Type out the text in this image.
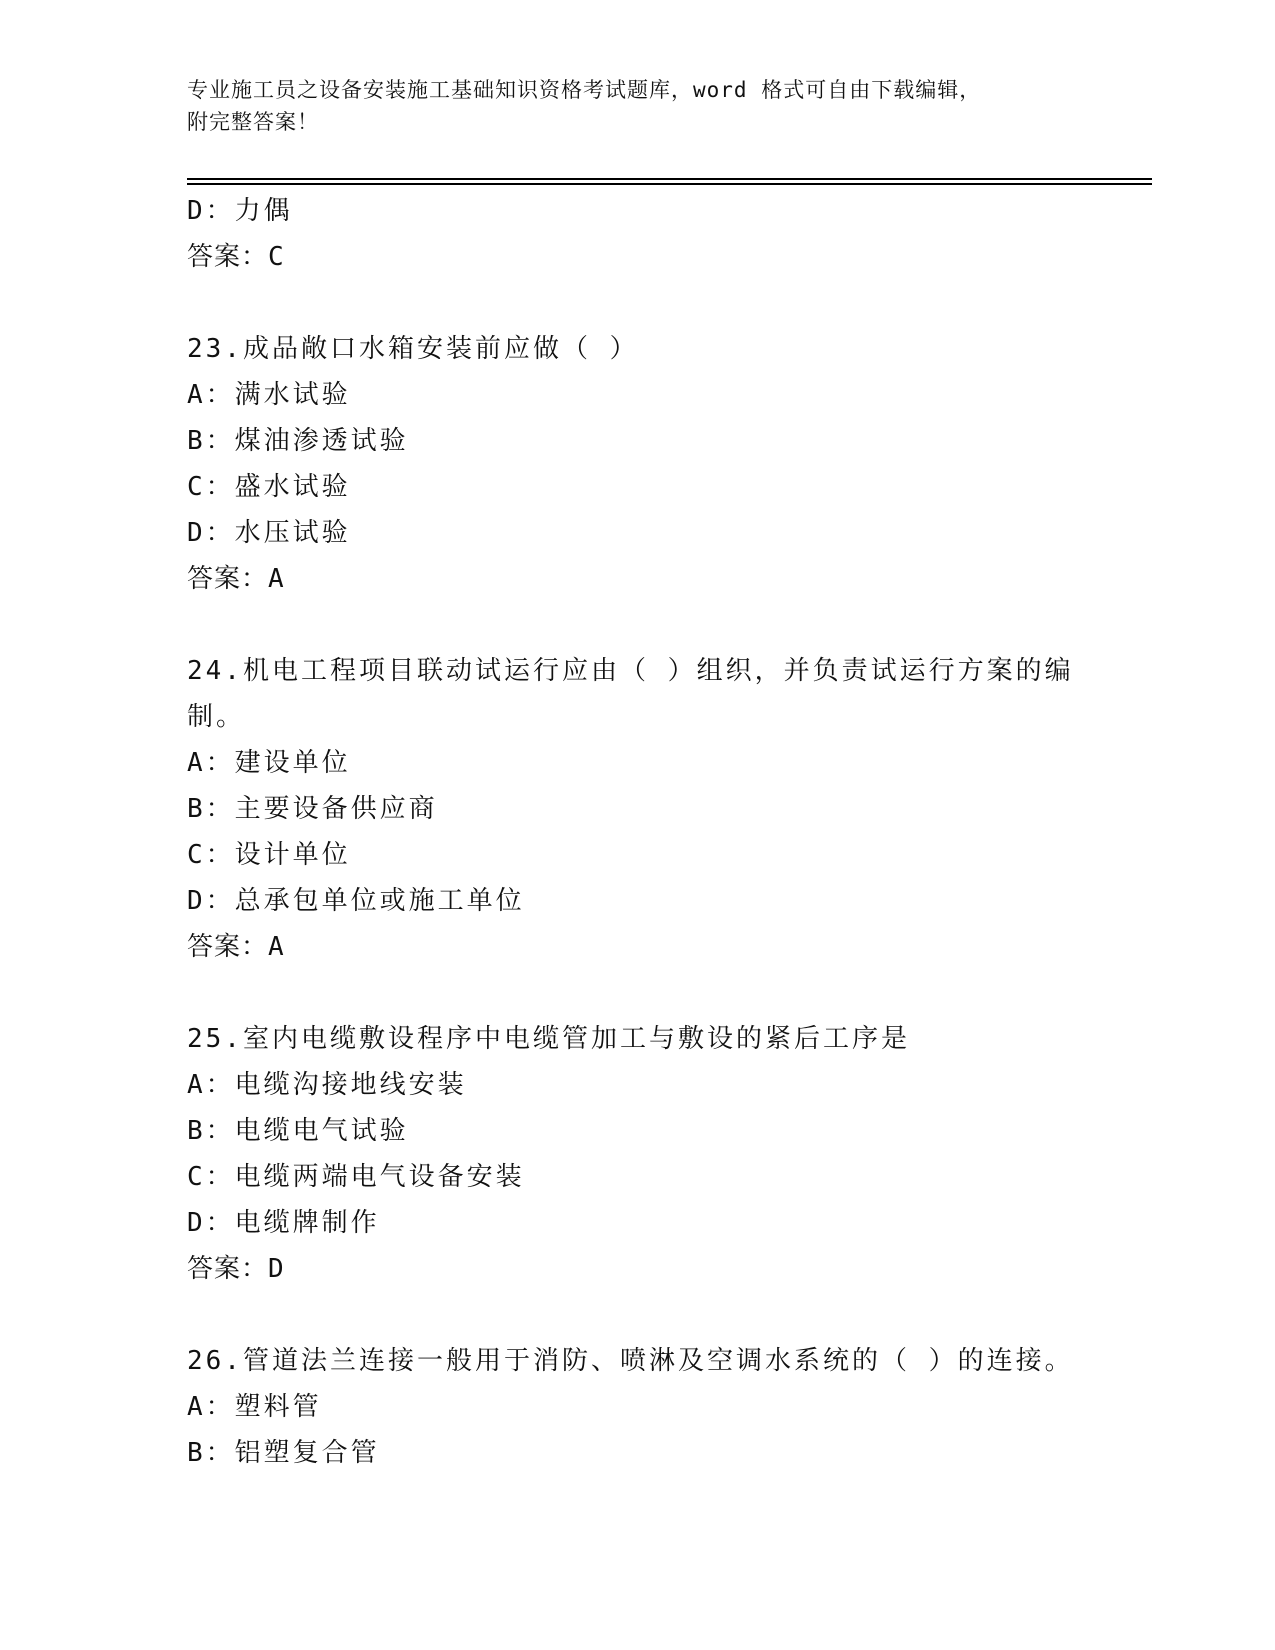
专业施工员之设备安装施工基础知识资格考试题库，word 格式可自由下载编辑，
附完整答案！
D：力偶
答案：C
23.成品敞口水箱安装前应做（ ）
A：满水试验
B：煤油渗透试验
C：盛水试验
D：水压试验
答案：A
24.机电工程项目联动试运行应由（ ）组织，并负责试运行方案的编
制。
A：建设单位
B：主要设备供应商
C：设计单位
D：总承包单位或施工单位
答案：A
25.室内电缆敷设程序中电缆管加工与敷设的紧后工序是
A：电缆沟接地线安装
B：电缆电气试验
C：电缆两端电气设备安装
D：电缆牌制作
答案：D
26.管道法兰连接一般用于消防、喷淋及空调水系统的（ ）的连接。
A：塑料管
B：铝塑复合管
